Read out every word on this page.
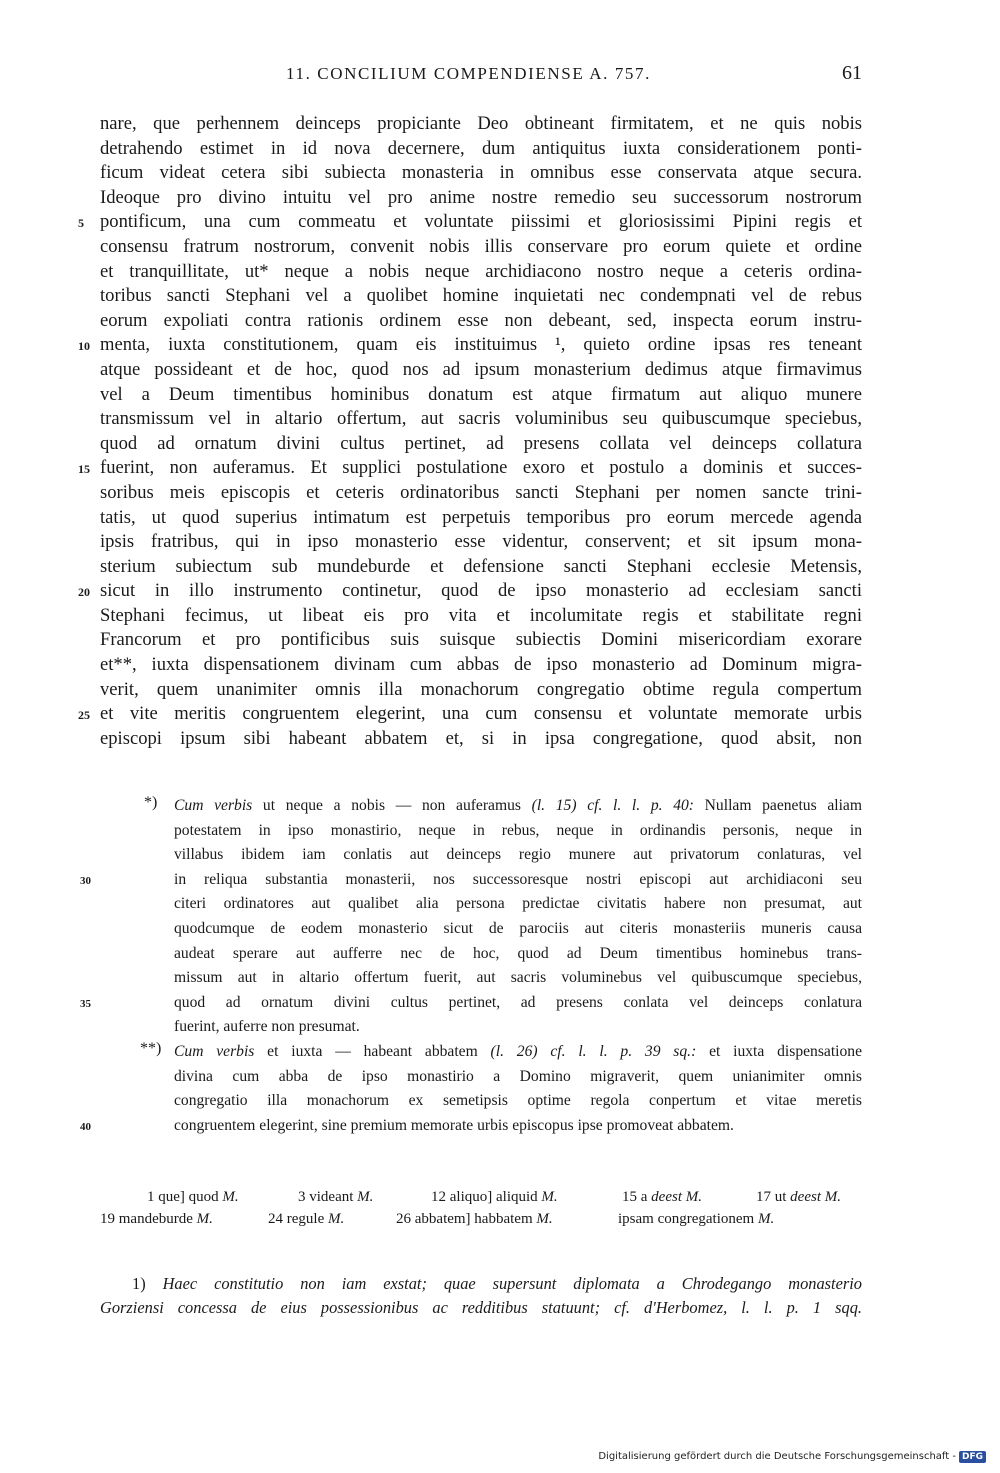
11. CONCILIUM COMPENDIENSE A. 757.	61
nare, que perhennem deinceps propiciante Deo obtineant firmitatem, et ne quis nobis
detrahendo estimet in id nova decernere, dum antiquitus iuxta considerationem ponti-
ficum videat cetera sibi subiecta monasteria in omnibus esse conservata atque secura.
Ideoque pro divino intuitu vel pro anime nostre remedio seu successorum nostrorum
5 pontificum, una cum commeatu et voluntate piissimi et gloriosissimi Pipini regis et
consensu fratrum nostrorum, convenit nobis illis conservare pro eorum quiete et ordine
et tranquillitate, ut* neque a nobis neque archidiacono nostro neque a ceteris ordina-
toribus sancti Stephani vel a quolibet homine inquietati nec condempnati vel de rebus
eorum expoliati contra rationis ordinem esse non debeant, sed, inspecta eorum instru-
10 menta, iuxta constitutionem, quam eis instituimus ¹, quieto ordine ipsas res teneant
atque possideant et de hoc, quod nos ad ipsum monasterium dedimus atque firmavimus
vel a Deum timentibus hominibus donatum est atque firmatum aut aliquo munere
transmissum vel in altario offertum, aut sacris voluminibus seu quibuscumque speciebus,
quod ad ornatum divini cultus pertinet, ad presens collata vel deinceps collatura
15 fuerint, non auferamus. Et supplici postulatione exoro et postulo a dominis et succes-
soribus meis episcopis et ceteris ordinatoribus sancti Stephani per nomen sancte trini-
tatis, ut quod superius intimatum est perpetuis temporibus pro eorum mercede agenda
ipsis fratribus, qui in ipso monasterio esse videntur, conservent; et sit ipsum mona-
sterium subiectum sub mundeburde et defensione sancti Stephani ecclesie Metensis,
20 sicut in illo instrumento continetur, quod de ipso monasterio ad ecclesiam sancti
Stephani fecimus, ut libeat eis pro vita et incolumitate regis et stabilitate regni
Francorum et pro pontificibus suis suisque subiectis Domini misericordiam exorare
et**, iuxta dispensationem divinam cum abbas de ipso monasterio ad Dominum migra-
verit, quem unanimiter omnis illa monachorum congregatio obtime regula compertum
25 et vite meritis congruentem elegerint, una cum consensu et voluntate memorate urbis
episcopi ipsum sibi habeant abbatem et, si in ipsa congregatione, quod absit, non
*) Cum verbis ut neque a nobis — non auferamus (l. 15) cf. l. l. p. 40: Nullam paenetus aliam
potestatem in ipso monastirio, neque in rebus, neque in ordinandis personis, neque in
villabus ibidem iam conlatis aut deinceps regio munere aut privatorum conlaturas, vel
30	in reliqua substantia monasterii, nos successoresque nostri episcopi aut archidiaconi seu
citeri ordinatores aut qualibet alia persona predictae civitatis habere non presumat, aut
quodcumque de eodem monasterio sicut de parociis aut citeris monasteriis muneris causa
audeat sperare aut aufferre nec de hoc, quod ad Deum timentibus hominebus trans-
missum aut in altario offertum fuerit, aut sacris voluminebus vel quibuscumque speciebus,
35	quod ad ornatum divini cultus pertinet, ad presens conlata vel deinceps conlatura
fuerint, auferre non presumat.
**) Cum verbis et iuxta — habeant abbatem (l. 26) cf. l. l. p. 39 sq.: et iuxta dispensatione
divina cum abba de ipso monastirio a Domino migraverit, quem unianimiter omnis
congregatio illa monachorum ex semetipsis optime regola conpertum et vitae meretis
40	congruentem elegerint, sine premium memorate urbis episcopus ipse promoveat abbatem.
1 que] quod M.	3 videant M.	12 aliquo] aliquid M.	15 a deest M.	17 ut deest M.
19 mandeburde M.	24 regule M.	26 abbatem] habbatem M.	ipsam congregationem M.
1) Haec constitutio non iam exstat; quae supersunt diplomata a Chrodegango monasterio
Gorziensi concessa de eius possessionibus ac redditibus statuunt; cf. d'Herbomez, l. l. p. 1 sqq.
Digitalisierung gefördert durch die Deutsche Forschungsgemeinschaft - DFG
